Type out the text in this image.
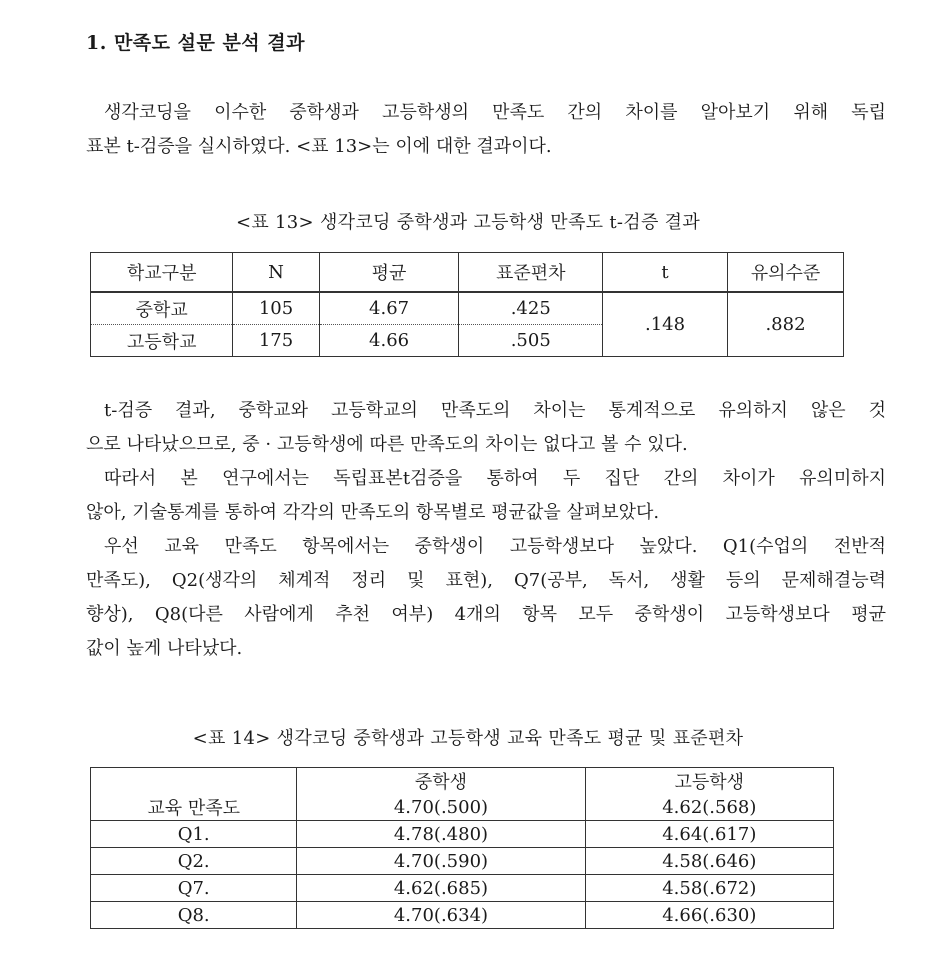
1. 만족도 설문 분석 결과
생각코딩을 이수한 중학생과 고등학생의 만족도 간의 차이를 알아보기 위해 독립
표본 t-검증을 실시하였다. <표 13>는 이에 대한 결과이다.
<표 13> 생각코딩 중학생과 고등학생 만족도 t-검증 결과
학교구분	N	평균	표준편차	t	유의수준
중학교	105	4.67	.425	.148	.882
고등학교	175	4.66	.505		
t-검증 결과, 중학교와 고등학교의 만족도의 차이는 통계적으로 유의하지 않은 것
으로 나타났으므로, 중 · 고등학생에 따른 만족도의 차이는 없다고 볼 수 있다.
따라서 본 연구에서는 독립표본t검증을 통하여 두 집단 간의 차이가 유의미하지
않아, 기술통계를 통하여 각각의 만족도의 항목별로 평균값을 살펴보았다.
우선 교육 만족도 항목에서는 중학생이 고등학생보다 높았다. Q1(수업의 전반적
만족도), Q2(생각의 체계적 정리 및 표현), Q7(공부, 독서, 생활 등의 문제해결능력
향상), Q8(다른 사람에게 추천 여부) 4개의 항목 모두 중학생이 고등학생보다 평균
값이 높게 나타났다.
<표 14> 생각코딩 중학생과 고등학생 교육 만족도 평균 및 표준편차
	중학생	고등학생
교육 만족도	4.70(.500)	4.62(.568)
Q1.	4.78(.480)	4.64(.617)
Q2.	4.70(.590)	4.58(.646)
Q7.	4.62(.685)	4.58(.672)
Q8.	4.70(.634)	4.66(.630)
